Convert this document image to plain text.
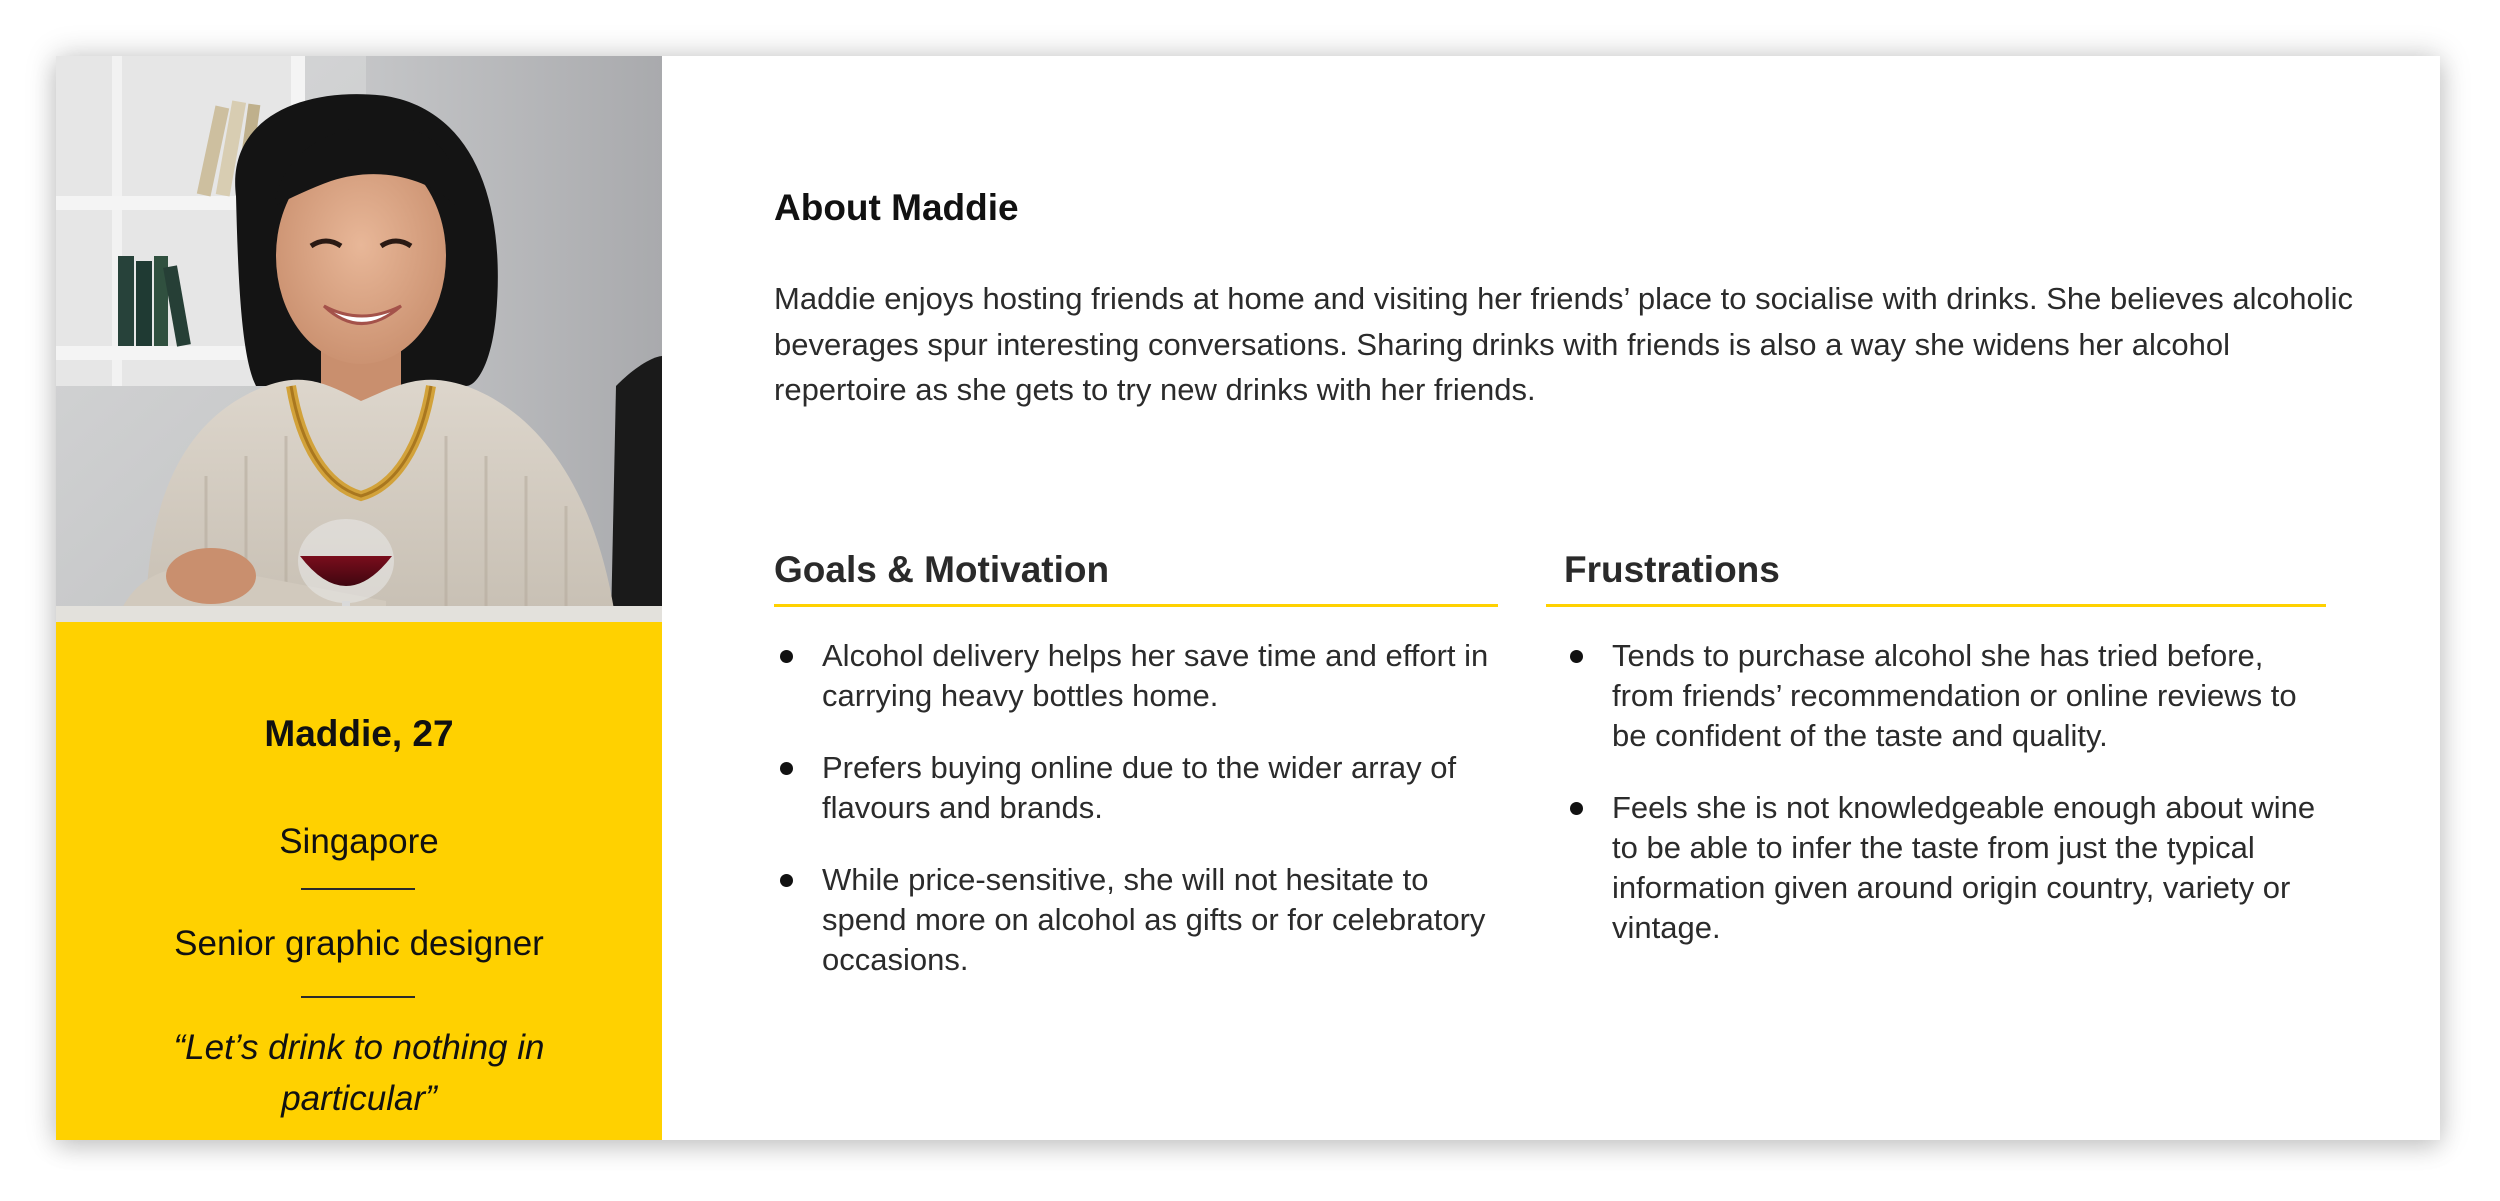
Maddie, 27
Singapore
Senior graphic designer
“Let’s drink to nothing in particular”
About Maddie

Maddie enjoys hosting friends at home and visiting her friends’ place to socialise with drinks. She believes alcoholic beverages spur interesting conversations. Sharing drinks with friends is also a way she widens her alcohol repertoire as she gets to try new drinks with her friends.

Goals & Motivation
Alcohol delivery helps her save time and effort in carrying heavy bottles home.
Prefers buying online due to the wider array of flavours and brands.
While price-sensitive, she will not hesitate to spend more on alcohol as gifts or for celebratory occasions.
Frustrations
Tends to purchase alcohol she has tried before, from friends’ recommendation or online reviews to be confident of the taste and quality.
Feels she is not knowledgeable enough about wine to be able to infer the taste from just the typical information given around origin country, variety or vintage.
